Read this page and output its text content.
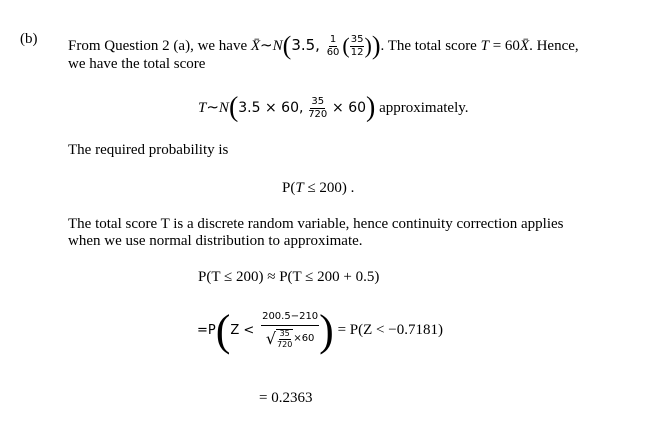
(b) From Question 2 (a), we have X̄∼N(3.5, $\frac{1}{60}$ ( $\frac{35}{12}$ )). The total score T = 60X̄. Hence,
we have the total score
T∼N(3.5 × 60, $\frac{35}{720} \times 60$) approximately.
The required probability is
P(T ≤ 200) .
The total score T is a discrete random variable, hence continuity correction applies
when we use normal distribution to approximate.
P(T ≤ 200) ≈ P(T ≤ 200 + 0.5)
$=P(Z < \frac{200.5-210}{√ \frac{35}{720} \times 60}$ ) = P(Z < −0.7181)
= 0.2363
